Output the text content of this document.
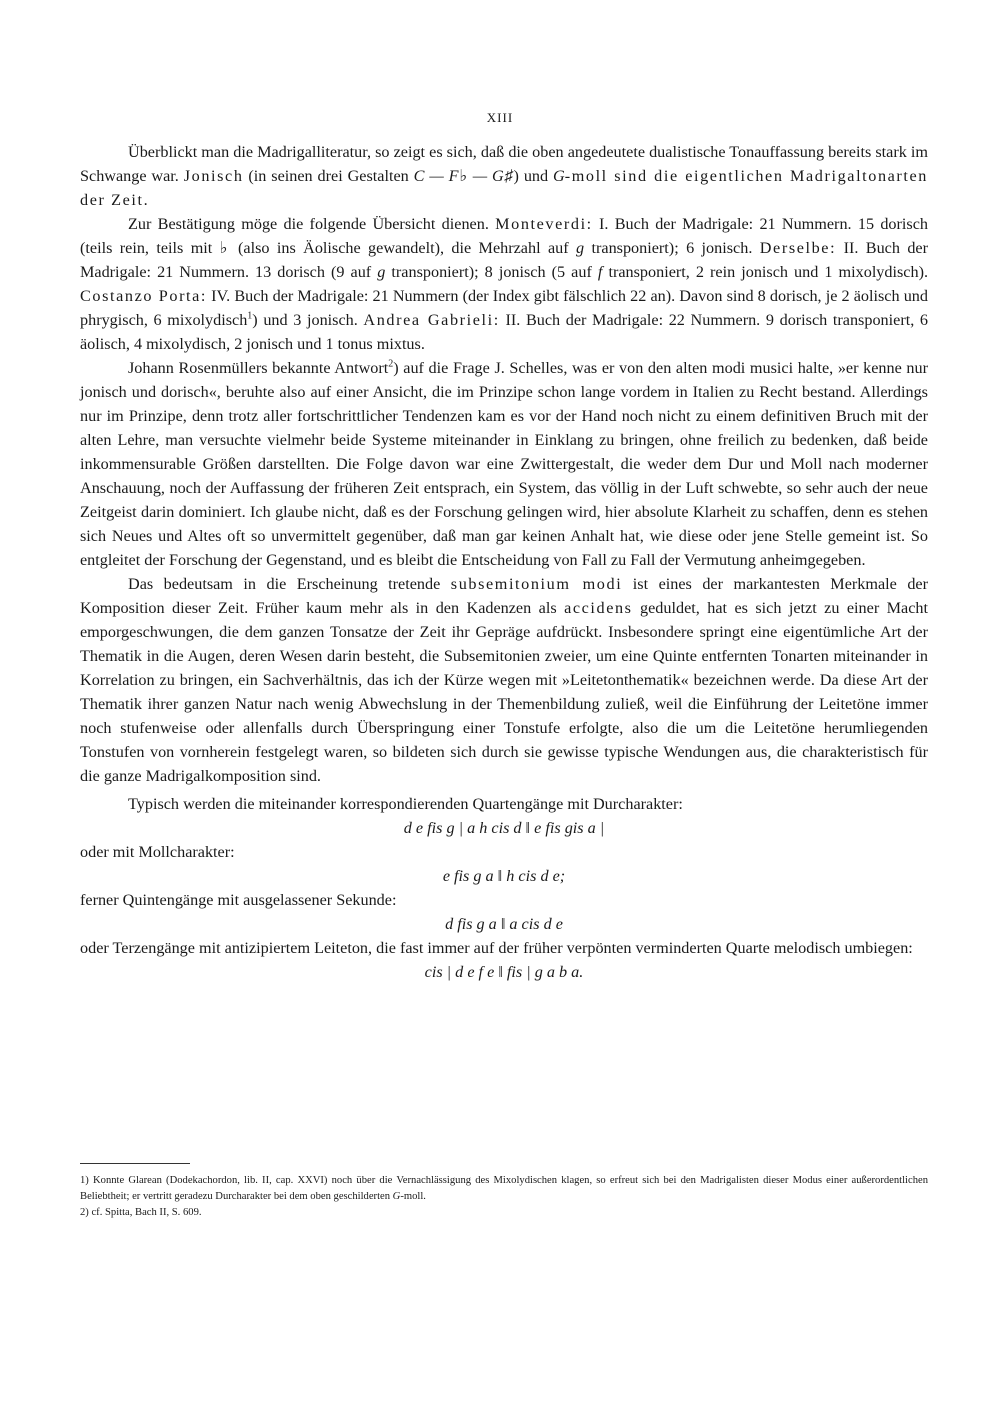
XIII

Überblickt man die Madrigalliteratur, so zeigt es sich, daß die oben angedeutete dualistische Tonauffassung bereits stark im Schwange war. Jonisch (in seinen drei Gestalten C — F♭ — G♯) und G-moll sind die eigentlichen Madrigaltonarten der Zeit.

Zur Bestätigung möge die folgende Übersicht dienen. Monteverdi: I. Buch der Madrigale: 21 Nummern. 15 dorisch (teils rein, teils mit ♭ (also ins Äolische gewandelt), die Mehrzahl auf g transponiert); 6 jonisch. Derselbe: II. Buch der Madrigale: 21 Nummern. 13 dorisch (9 auf g transponiert); 8 jonisch (5 auf f transponiert, 2 rein jonisch und 1 mixolydisch). Costanzo Porta: IV. Buch der Madrigale: 21 Nummern (der Index gibt fälschlich 22 an). Davon sind 8 dorisch, je 2 äolisch und phrygisch, 6 mixolydisch$^1$) und 3 jonisch. Andrea Gabrieli: II. Buch der Madrigale: 22 Nummern. 9 dorisch transponiert, 6 äolisch, 4 mixolydisch, 2 jonisch und 1 tonus mixtus.

Johann Rosenmüllers bekannte Antwort$^2$) auf die Frage J. Schelles, was er von den alten modi musici halte, »er kenne nur jonisch und dorisch«, beruhte also auf einer Ansicht, die im Prinzipe schon lange vordem in Italien zu Recht bestand. Allerdings nur im Prinzipe, denn trotz aller fortschrittlicher Tendenzen kam es vor der Hand noch nicht zu einem definitiven Bruch mit der alten Lehre, man versuchte vielmehr beide Systeme miteinander in Einklang zu bringen, ohne freilich zu bedenken, daß beide inkommensurable Größen darstellten. Die Folge davon war eine Zwittergestalt, die weder dem Dur und Moll nach moderner Anschauung, noch der Auffassung der früheren Zeit entsprach, ein System, das völlig in der Luft schwebte, so sehr auch der neue Zeitgeist darin dominiert. Ich glaube nicht, daß es der Forschung gelingen wird, hier absolute Klarheit zu schaffen, denn es stehen sich Neues und Altes oft so unvermittelt gegenüber, daß man gar keinen Anhalt hat, wie diese oder jene Stelle gemeint ist. So entgleitet der Forschung der Gegenstand, und es bleibt die Entscheidung von Fall zu Fall der Vermutung anheimgegeben.

Das bedeutsam in die Erscheinung tretende subsemitonium modi ist eines der markantesten Merkmale der Komposition dieser Zeit. Früher kaum mehr als in den Kadenzen als accidens geduldet, hat es sich jetzt zu einer Macht emporgeschwungen, die dem ganzen Tonsatze der Zeit ihr Gepräge aufdrückt. Insbesondere springt eine eigentümliche Art der Thematik in die Augen, deren Wesen darin besteht, die Subsemitonien zweier, um eine Quinte entfernten Tonarten miteinander in Korrelation zu bringen, ein Sachverhältnis, das ich der Kürze wegen mit »Leitetonthematik« bezeichnen werde. Da diese Art der Thematik ihrer ganzen Natur nach wenig Abwechslung in der Themenbildung zuließ, weil die Einführung der Leitetöne immer noch stufenweise oder allenfalls durch Überspringung einer Tonstufe erfolgte, also die um die Leitetöne herumliegenden Tonstufen von vornherein festgelegt waren, so bildeten sich durch sie gewisse typische Wendungen aus, die charakteristisch für die ganze Madrigalkomposition sind.

Typisch werden die miteinander korrespondierenden Quartengänge mit Durcharakter:

d e fis g | a h cis d ‖ e fis gis a |

oder mit Mollcharakter:

e fis g a ‖ h cis d e;

ferner Quintengänge mit ausgelassener Sekunde:

d fis g a ‖ a cis d e

oder Terzengänge mit antizipiertem Leiteton, die fast immer auf der früher verpönten verminderten Quarte melodisch umbiegen:

cis | d e f e ‖ fis | g a b a.

1) Konnte Glarean (Dodekachordon, lib. II, cap. XXVI) noch über die Vernachlässigung des Mixolydischen klagen, so erfreut sich bei den Madrigalisten dieser Modus einer außerordentlichen Beliebtheit; er vertritt geradezu Durcharakter bei dem oben geschilderten G-moll.

2) cf. Spitta, Bach II, S. 609.
